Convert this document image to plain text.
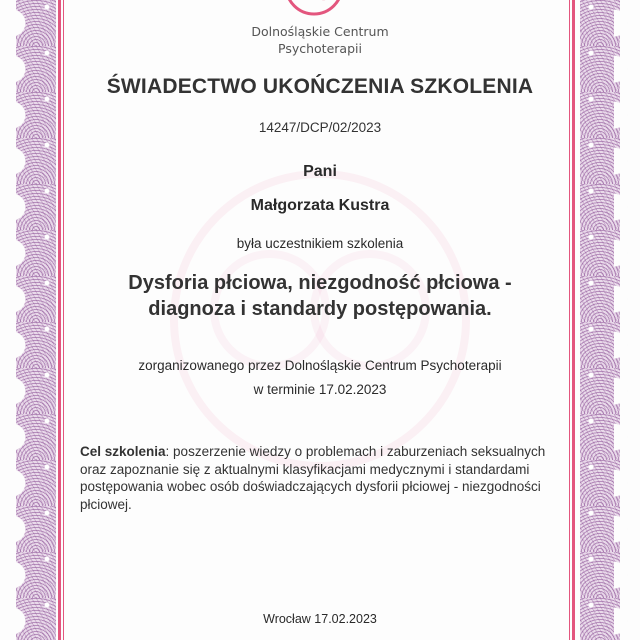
Dolnośląskie Centrum
Psychoterapii
ŚWIADECTWO UKOŃCZENIA SZKOLENIA
14247/DCP/02/2023
Pani
Małgorzata Kustra
była uczestnikiem szkolenia
Dysforia płciowa, niezgodność płciowa -
diagnoza i standardy postępowania.
zorganizowanego przez Dolnośląskie Centrum Psychoterapii
w terminie 17.02.2023
Cel szkolenia: poszerzenie wiedzy o problemach i zaburzeniach seksualnych oraz zapoznanie się z aktualnymi klasyfikacjami medycznymi i standardami postępowania wobec osób doświadczających dysforii płciowej - niezgodności płciowej.
Wrocław 17.02.2023
